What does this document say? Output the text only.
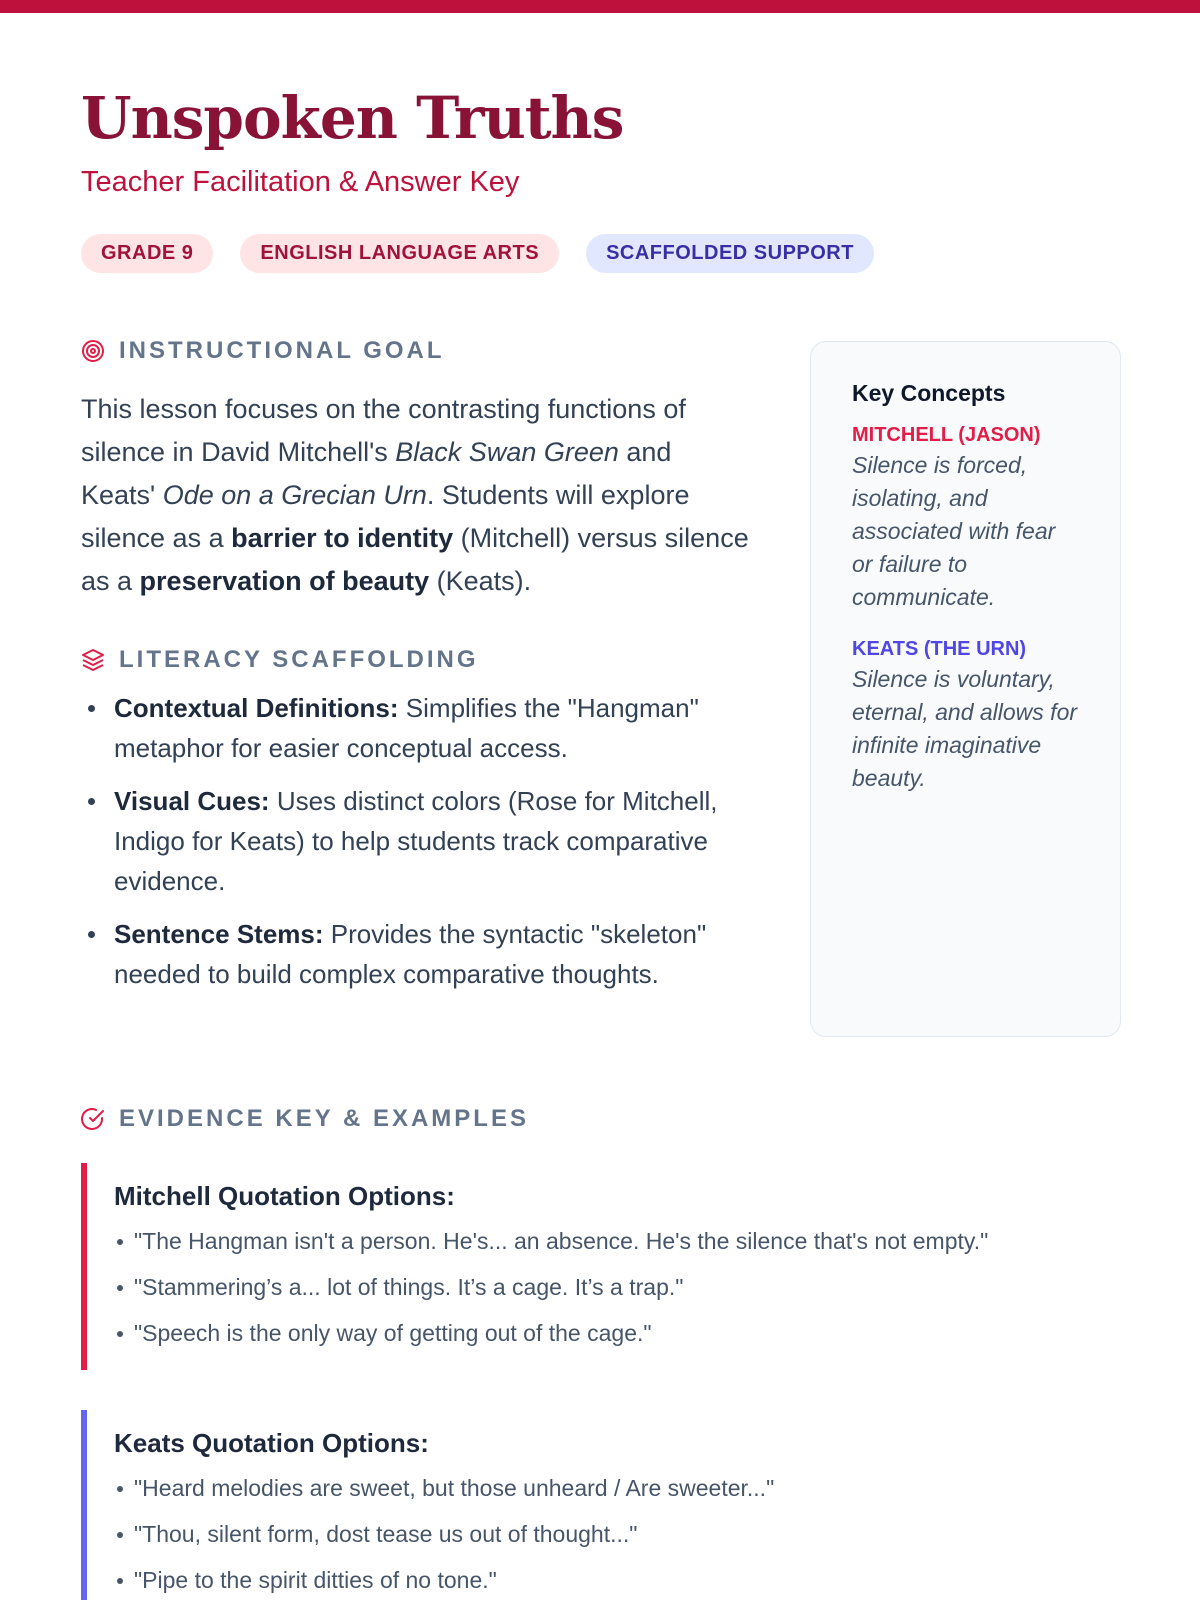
Unspoken Truths
Teacher Facilitation & Answer Key
GRADE 9	ENGLISH LANGUAGE ARTS	SCAFFOLDED SUPPORT
INSTRUCTIONAL GOAL

This lesson focuses on the contrasting functions of silence in David Mitchell's Black Swan Green and Keats' Ode on a Grecian Urn. Students will explore silence as a barrier to identity (Mitchell) versus silence as a preservation of beauty (Keats).

LITERACY SCAFFOLDING
Contextual Definitions: Simplifies the "Hangman" metaphor for easier conceptual access.
Visual Cues: Uses distinct colors (Rose for Mitchell, Indigo for Keats) to help students track comparative evidence.
Sentence Stems: Provides the syntactic "skeleton" needed to build complex comparative thoughts.
EVIDENCE KEY & EXAMPLES
Mitchell Quotation Options:
"The Hangman isn't a person. He's... an absence. He's the silence that's not empty."
"Stammering’s a... lot of things. It’s a cage. It’s a trap."
"Speech is the only way of getting out of the cage."
Keats Quotation Options:
"Heard melodies are sweet, but those unheard / Are sweeter..."
"Thou, silent form, dost tease us out of thought..."
"Pipe to the spirit ditties of no tone."
Key Concepts
MITCHELL (JASON)
Silence is forced, isolating, and associated with fear or failure to communicate.
KEATS (THE URN)
Silence is voluntary, eternal, and allows for infinite imaginative beauty.
